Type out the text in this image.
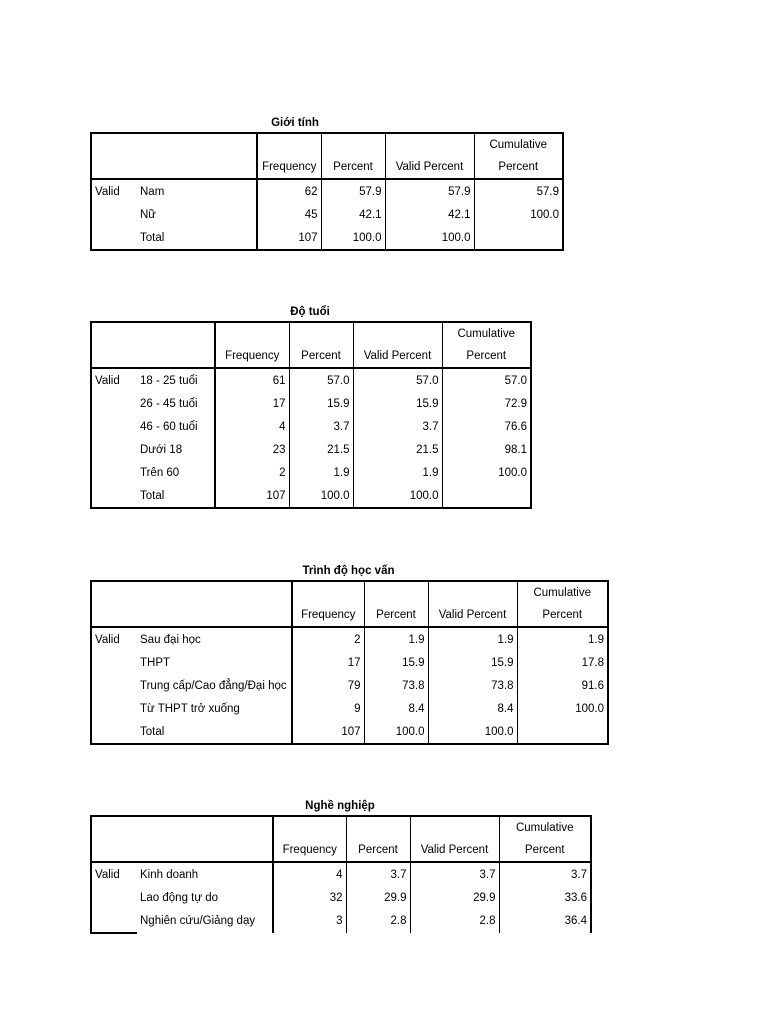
Giới tính
					Cumulative
		Frequency	Percent	Valid Percent	Percent
Valid	Nam	62	57.9	57.9	57.9
	Nữ	45	42.1	42.1	100.0
	Total	107	100.0	100.0	
Độ tuổi
					Cumulative
		Frequency	Percent	Valid Percent	Percent
Valid	18 - 25 tuổi	61	57.0	57.0	57.0
	26 - 45 tuổi	17	15.9	15.9	72.9
	46 - 60 tuổi	4	3.7	3.7	76.6
	Dưới 18	23	21.5	21.5	98.1
	Trên 60	2	1.9	1.9	100.0
	Total	107	100.0	100.0	
Trình độ học vấn
					Cumulative
		Frequency	Percent	Valid Percent	Percent
Valid	Sau đại học	2	1.9	1.9	1.9
	THPT	17	15.9	15.9	17.8
	Trung cấp/Cao đẳng/Đại học	79	73.8	73.8	91.6
	Từ THPT trở xuống	9	8.4	8.4	100.0
	Total	107	100.0	100.0	
Nghề nghiệp
					Cumulative
		Frequency	Percent	Valid Percent	Percent
Valid	Kinh doanh	4	3.7	3.7	3.7
	Lao động tự do	32	29.9	29.9	33.6
	Nghiên cứu/Giảng dạy	3	2.8	2.8	36.4
